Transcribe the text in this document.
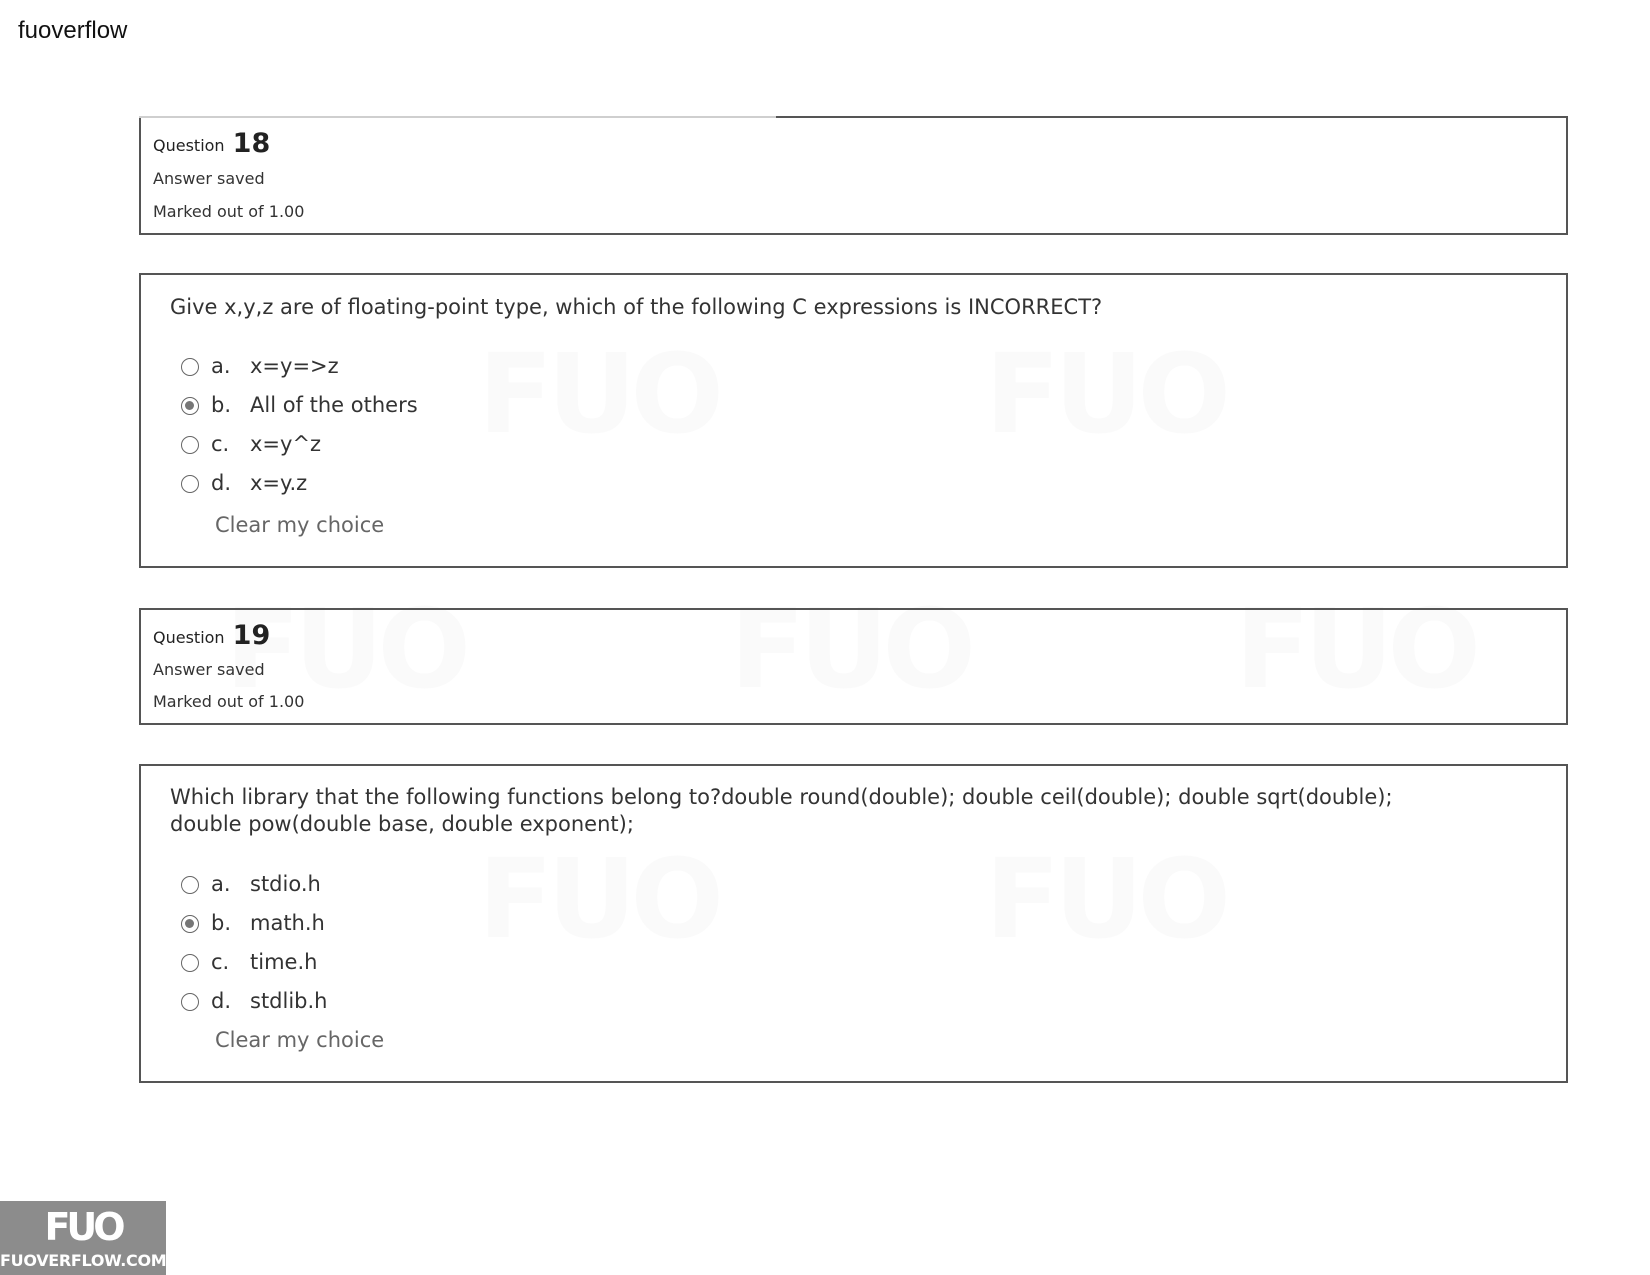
fuoverflow
Question 18
Answer saved
Marked out of 1.00
Give x,y,z are of floating-point type, which of the following C expressions is INCORRECT?
a. x=y=>z
b. All of the others
c. x=y^z
d. x=y.z
Clear my choice
Question 19
Answer saved
Marked out of 1.00
Which library that the following functions belong to?double round(double); double ceil(double); double sqrt(double); double pow(double base, double exponent);
a. stdio.h
b. math.h
c. time.h
d. stdlib.h
Clear my choice
FUO
FUOVERFLOW.COM
